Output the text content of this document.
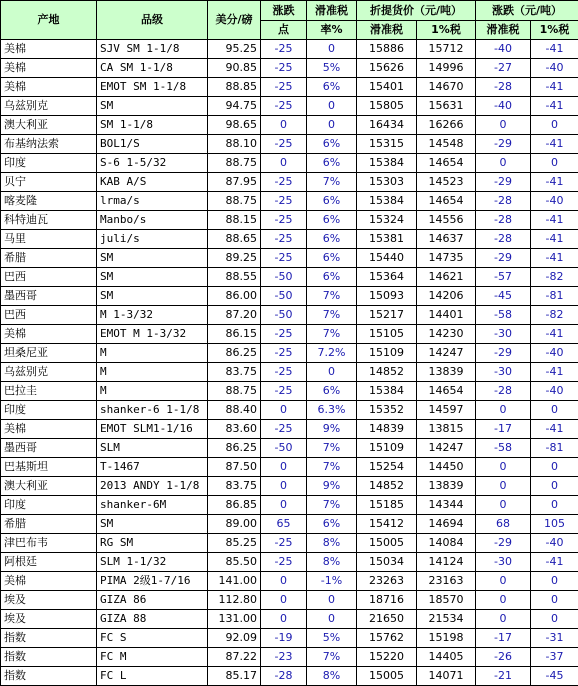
产地	品级	美分/磅	涨跌	滑准税	折提货价（元/吨）		涨跌（元/吨）	
			点	率%	滑准税	1%税	滑准税	1%税
美棉	SJV SM 1-1/8	95.25	-25	0	15886	15712	-40	-41
美棉	CA SM 1-1/8	90.85	-25	5%	15626	14996	-27	-40
美棉	EMOT SM 1-1/8	88.85	-25	6%	15401	14670	-28	-41
乌兹别克	SM	94.75	-25	0	15805	15631	-40	-41
澳大利亚	SM 1-1/8	98.65	0	0	16434	16266	0	0
布基纳法索	BOL1/S	88.10	-25	6%	15315	14548	-29	-41
印度	S-6 1-5/32	88.75	0	6%	15384	14654	0	0
贝宁	KAB A/S	87.95	-25	7%	15303	14523	-29	-41
喀麦隆	lrma/s	88.75	-25	6%	15384	14654	-28	-40
科特迪瓦	Manbo/s	88.15	-25	6%	15324	14556	-28	-41
马里	juli/s	88.65	-25	6%	15381	14637	-28	-41
希腊	SM	89.25	-25	6%	15440	14735	-29	-41
巴西	SM	88.55	-50	6%	15364	14621	-57	-82
墨西哥	SM	86.00	-50	7%	15093	14206	-45	-81
巴西	M 1-3/32	87.20	-50	7%	15217	14401	-58	-82
美棉	EMOT M 1-3/32	86.15	-25	7%	15105	14230	-30	-41
坦桑尼亚	M	86.25	-25	7.2%	15109	14247	-29	-40
乌兹别克	M	83.75	-25	0	14852	13839	-30	-41
巴拉圭	M	88.75	-25	6%	15384	14654	-28	-40
印度	shanker-6 1-1/8	88.40	0	6.3%	15352	14597	0	0
美棉	EMOT SLM1-1/16	83.60	-25	9%	14839	13815	-17	-41
墨西哥	SLM	86.25	-50	7%	15109	14247	-58	-81
巴基斯坦	T-1467	87.50	0	7%	15254	14450	0	0
澳大利亚	2013 ANDY 1-1/8	83.75	0	9%	14852	13839	0	0
印度	shanker-6M	86.85	0	7%	15185	14344	0	0
希腊	SM	89.00	65	6%	15412	14694	68	105
津巴布韦	RG SM	85.25	-25	8%	15005	14084	-29	-40
阿根廷	SLM 1-1/32	85.50	-25	8%	15034	14124	-30	-41
美棉	PIMA 2级1-7/16	141.00	0	-1%	23263	23163	0	0
埃及	GIZA 86	112.80	0	0	18716	18570	0	0
埃及	GIZA 88	131.00	0	0	21650	21534	0	0
指数	FC S	92.09	-19	5%	15762	15198	-17	-31
指数	FC M	87.22	-23	7%	15220	14405	-26	-37
指数	FC L	85.17	-28	8%	15005	14071	-21	-45
